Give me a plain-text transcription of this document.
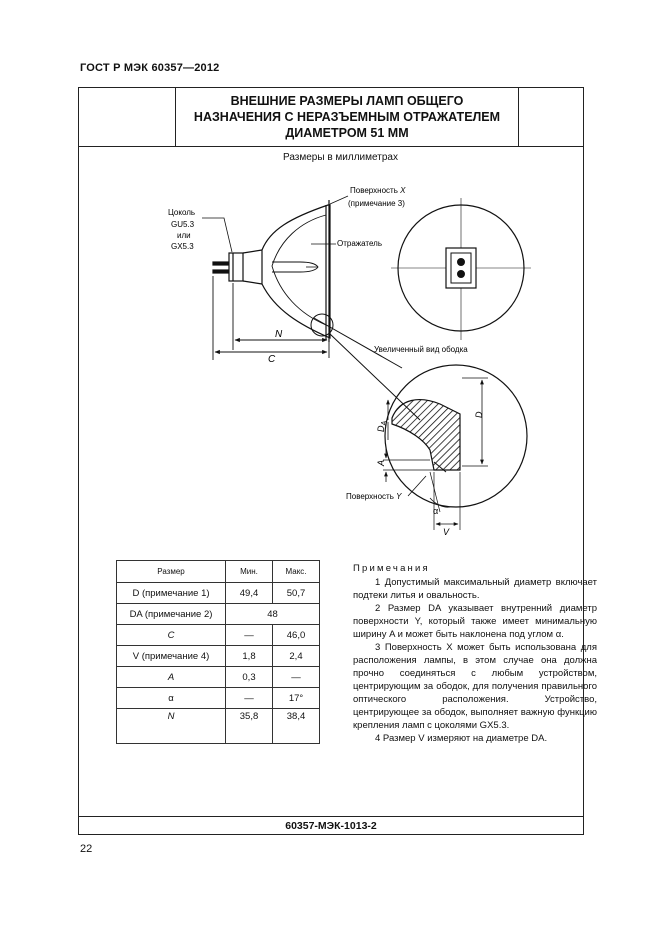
ГОСТ Р МЭК 60357—2012
ВНЕШНИЕ РАЗМЕРЫ ЛАМП ОБЩЕГО
НАЗНАЧЕНИЯ С НЕРАЗЪЕМНЫМ ОТРАЖАТЕЛЕМ
ДИАМЕТРОМ 51 ММ
60357-МЭК-1013-2
Размеры в миллиметрах
N
C
Поверхность X
(примечание 3)
Цоколь
GU5.3
или
GX5.3	Отражатель
Увеличенный вид ободка
$D_A$
D
A
Поверхность Y
V
α
Размер	Мин.	Макс.
D (примечание 1)	49,4	50,7
DA (примечание 2)	48	
C	—	46,0
V (примечание 4)	1,8	2,4
A	0,3	—
α	—	17°
N	35,8	38,4
Примечания

1 Допустимый максимальный диаметр включает подтеки литья и овальность.

2 Размер DA указывает внутренний диаметр поверхности Y, который также имеет минимальную ширину A и может быть наклонена под углом α.

3 Поверхность X может быть использована для расположения лампы, в этом случае она должна прочно соединяться с любым устройством, центрирующим за ободок, для получения правильного оптического расположения. Устройство, центрирующее за ободок, выполняет важную функцию крепления ламп с цоколями GX5.3.

4 Размер V измеряют на диаметре DA.

22
